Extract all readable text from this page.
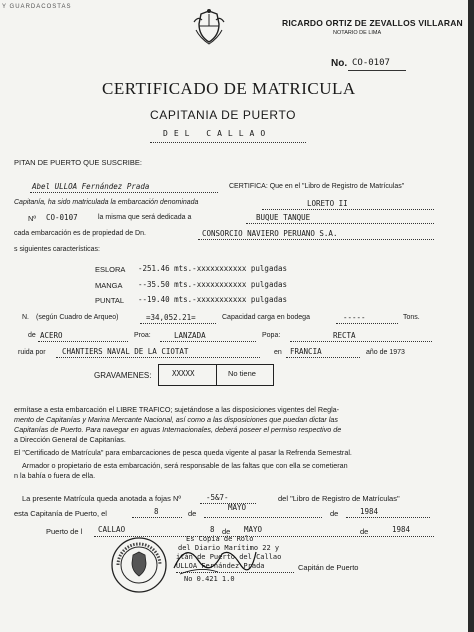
Y GUARDACOSTAS
RICARDO ORTIZ DE ZEVALLOS VILLARAN
NOTARIO DE LIMA
No. CO-0107
CERTIFICADO DE MATRICULA
CAPITANIA DE PUERTO
DEL CALLAO
PITAN DE PUERTO QUE SUSCRIBE:
Abel ULLOA Fernández Prada	CERTIFICA: Que en el "Libro de Registro de Matrículas"
Capitanía, ha sido matriculada la embarcación denominada	LORETO II
Nº CO-0107	la misma que será dedicada a	BUQUE TANQUE
cada embarcación es de propiedad de Dn.	CONSORCIO NAVIERO PERUANO S.A.
s siguientes características:
ESLORA -251.46 mts.-xxxxxxxxxxx pulgadas
MANGA --35.50 mts.-xxxxxxxxxxx pulgadas
PUNTAL --19.40 mts.-xxxxxxxxxxx pulgadas
N. (según Cuadro de Arqueo)	=34,052.21=	Capacidad carga en bodega	-----	Tons.
de ACERO	Proa:	LANZADA	Popa:	RECTA
ruida por CHANTIERS NAVAL DE LA CIOTAT	en FRANCIA	año de 1973
GRAVAMENES:	XXXXX	No tiene
ermítase a esta embarcación el LIBRE TRAFICO; sujetándose a las disposiciones vigentes del Regla-
mento de Capitanías y Marina Mercante Nacional, así como a las disposiciones que puedan dictar las
Capitanías de Puerto. Para navegar en aguas Internacionales, deberá poseer el permiso respectivo de
a Dirección General de Capitanías.
El "Certificado de Matrícula" para embarcaciones de pesca queda vigente al pasar la Refrenda Semestral.
Armador o propietario de esta embarcación, será responsable de las faltas que con ella se cometieran
n la bahía o fuera de ella.
La presente Matrícula queda anotada a fojas Nº	-5&7-	del "Libro de Registro de Matrículas"
esta Capitanía de Puerto, el	8	de
MAYO
de	1984
Puerto de l CALLAO	8 de MAYO	de	1984
Es Copia de Rolo
del Diario Marítimo 22 y
itán de Puerto del Callao
ULLOA Fernández Prada	Capitán de Puerto
No 0.421 1.0
